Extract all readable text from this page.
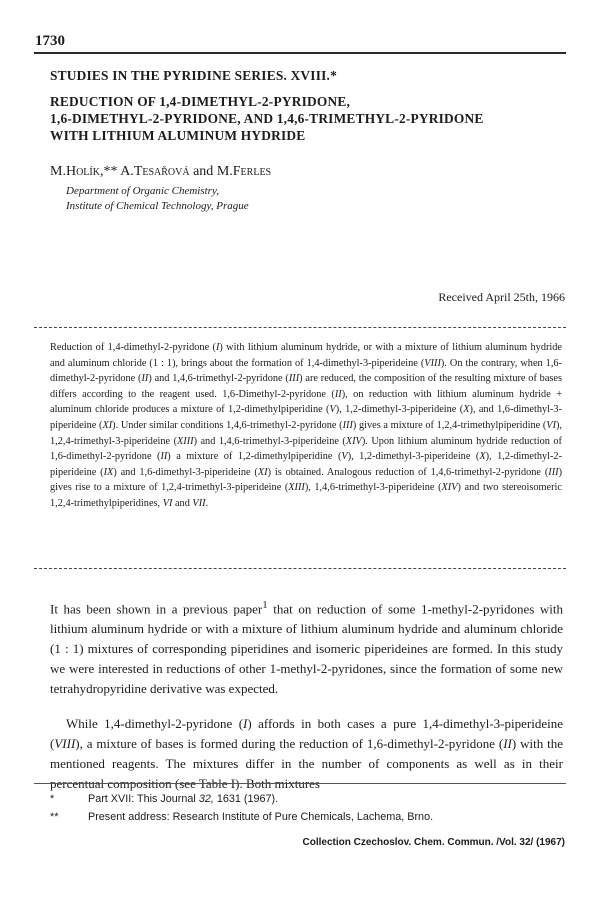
1730
STUDIES IN THE PYRIDINE SERIES. XVIII.*
REDUCTION OF 1,4-DIMETHYL-2-PYRIDONE,
1,6-DIMETHYL-2-PYRIDONE, AND 1,4,6-TRIMETHYL-2-PYRIDONE
WITH LITHIUM ALUMINUM HYDRIDE
M.Holík,** A.Tesařová and M.Ferles
Department of Organic Chemistry,
Institute of Chemical Technology, Prague
Received April 25th, 1966

Reduction of 1,4-dimethyl-2-pyridone (I) with lithium aluminum hydride, or with a mixture of lithium aluminum hydride and aluminum chloride (1 : 1), brings about the formation of 1,4-dimethyl-3-piperideine (VIII). On the contrary, when 1,6-dimethyl-2-pyridone (II) and 1,4,6-trimethyl-2-pyridone (III) are reduced, the composition of the resulting mixture of bases differs according to the reagent used. 1,6-Dimethyl-2-pyridone (II), on reduction with lithium aluminum hydride + aluminum chloride produces a mixture of 1,2-dimethylpiperidine (V), 1,2-dimethyl-3-piperideine (X), and 1,6-dimethyl-3-piperideine (XI). Under similar conditions 1,4,6-trimethyl-2-pyridone (III) gives a mixture of 1,2,4-trimethylpiperidine (VI), 1,2,4-trimethyl-3-piperideine (XIII) and 1,4,6-trimethyl-3-piperideine (XIV). Upon lithium aluminum hydride reduction of 1,6-dimethyl-2-pyridone (II) a mixture of 1,2-dimethylpiperidine (V), 1,2-dimethyl-3-piperideine (X), 1,2-dimethyl-2-piperideine (IX) and 1,6-dimethyl-3-piperideine (XI) is obtained. Analogous reduction of 1,4,6-trimethyl-2-pyridone (III) gives rise to a mixture of 1,2,4-trimethyl-3-piperideine (XIII), 1,4,6-trimethyl-3-piperideine (XIV) and two stereoisomeric 1,2,4-trimethylpiperidines, VI and VII.

It has been shown in a previous paper$^1$ that on reduction of some 1-methyl-2-pyridones with lithium aluminum hydride or with a mixture of lithium aluminum hydride and aluminum chloride (1 : 1) mixtures of corresponding piperidines and isomeric piperideines are formed. In this study we were interested in reductions of other 1-methyl-2-pyridones, since the formation of some new tetrahydropyridine derivative was expected.

While 1,4-dimethyl-2-pyridone (I) affords in both cases a pure 1,4-dimethyl-3-piperideine (VIII), a mixture of bases is formed during the reduction of 1,6-dimethyl-2-pyridone (II) with the mentioned reagents. The mixtures differ in the number of components as well as in their percentual composition (see Table I). Both mixtures

*	Part XVII: This Journal 32, 1631 (1967).
**	Present address: Research Institute of Pure Chemicals, Lachema, Brno.
Collection Czechoslov. Chem. Commun. /Vol. 32/ (1967)
